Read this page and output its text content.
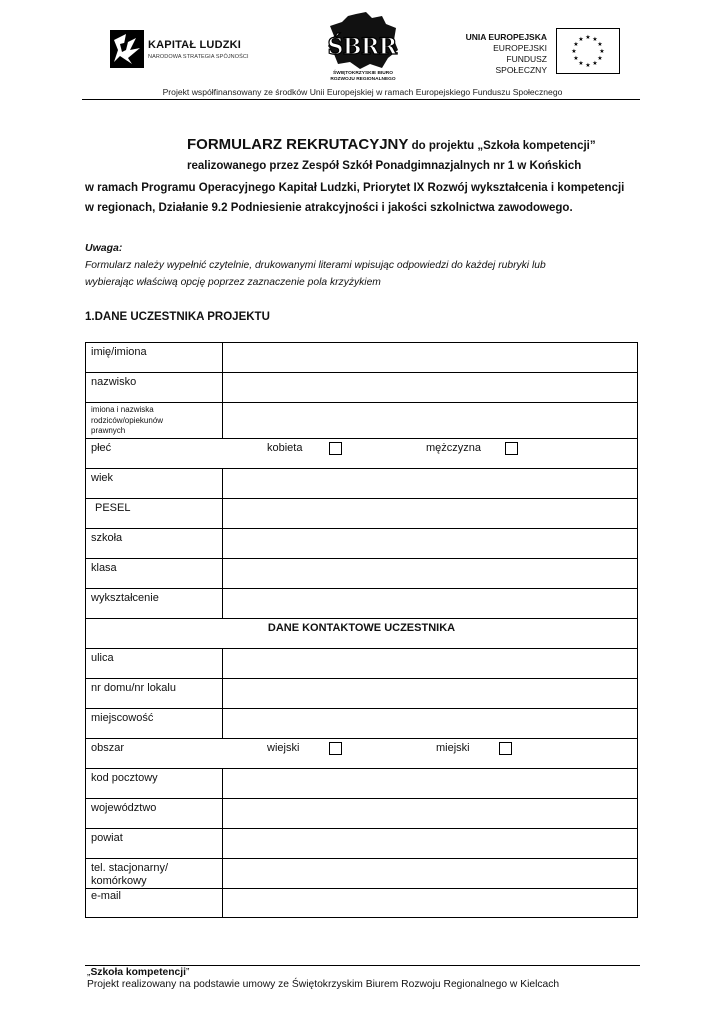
KAPITAŁ LUDZKI
NARODOWA STRATEGIA SPÓJNOŚCI	ŚBRR
ŚWIĘTOKRZYSKIE BIURO
ROZWOJU REGIONALNEGO
UNIA EUROPEJSKA
EUROPEJSKI
FUNDUSZ SPOŁECZNY
★ ★
★
★
★
★
★
★
★
★
★
★
Projekt współfinansowany ze środków Unii Europejskiej w ramach Europejskiego Funduszu Społecznego
FORMULARZ REKRUTACYJNY do projektu „Szkoła kompetencji”
realizowanego przez Zespół Szkół Ponadgimnazjalnych nr 1 w Końskich
w ramach Programu Operacyjnego Kapitał Ludzki, Priorytet IX Rozwój wykształcenia i kompetencji
w regionach, Działanie 9.2 Podniesienie atrakcyjności i jakości szkolnictwa zawodowego.
Uwaga:
Formularz należy wypełnić czytelnie, drukowanymi literami wpisując odpowiedzi do każdej rubryki lub
wybierając właściwą opcję poprzez zaznaczenie pola krzyżykiem
1.DANE UCZESTNIKA PROJEKTU
imię/imiona
nazwisko
imiona i nazwiska
rodziców/opiekunów
prawnych
płeć	kobieta	mężczyzna
wiek
PESEL
szkoła
klasa
wykształcenie
DANE KONTAKTOWE UCZESTNIKA
ulica
nr domu/nr lokalu
miejscowość
obszar	wiejski	miejski
kod pocztowy
województwo
powiat
tel. stacjonarny/
komórkowy
e-mail
„Szkoła kompetencji”
Projekt realizowany na podstawie umowy ze Świętokrzyskim Biurem Rozwoju Regionalnego w Kielcach
